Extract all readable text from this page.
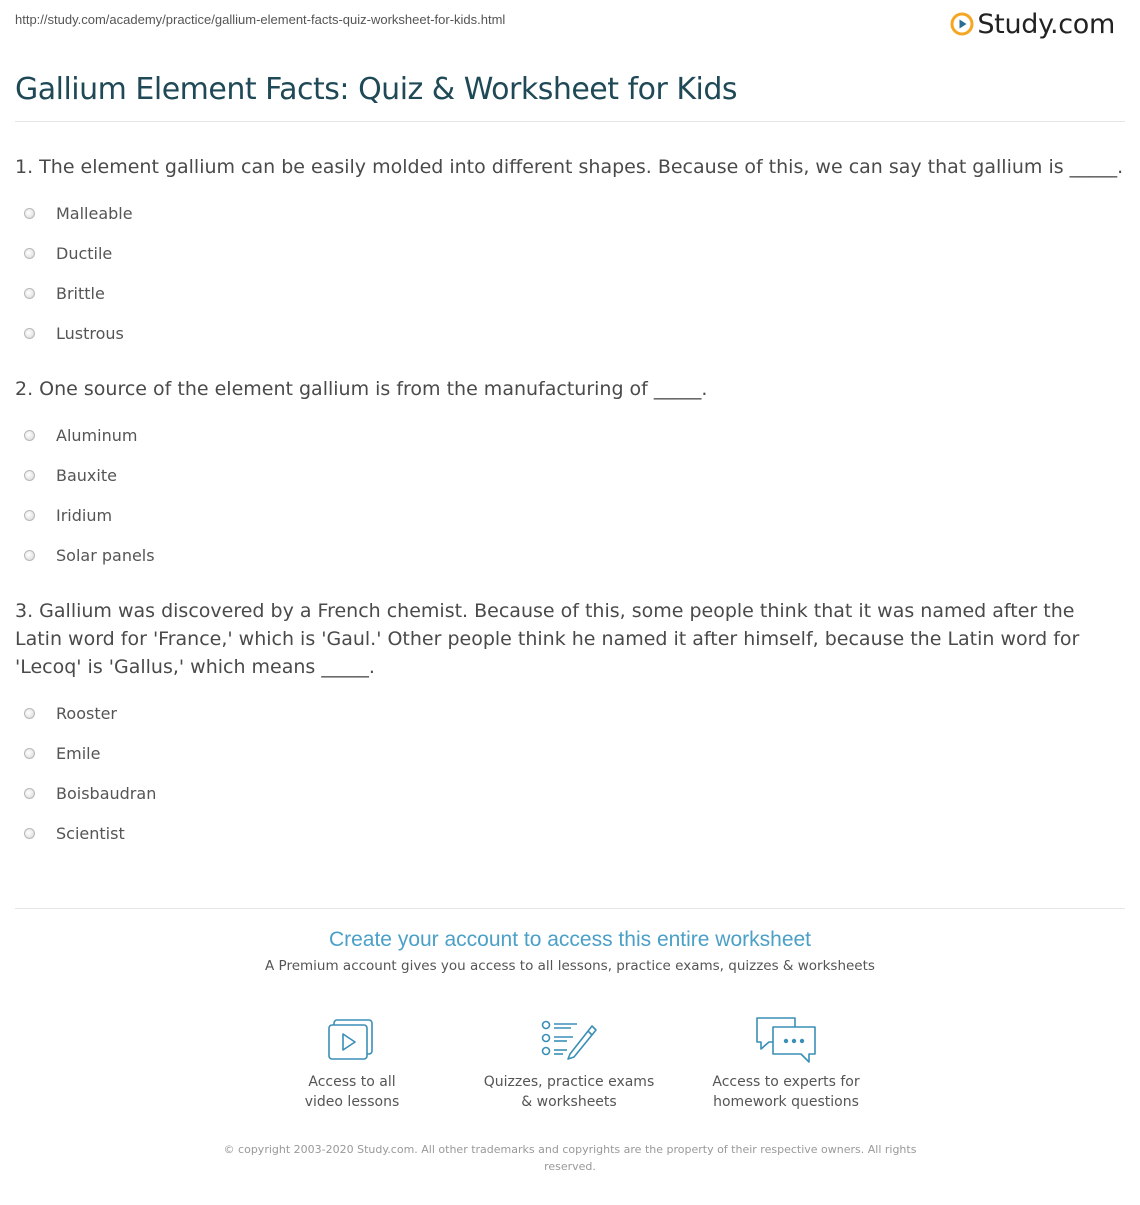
http://study.com/academy/practice/gallium-element-facts-quiz-worksheet-for-kids.html	Study.com
Gallium Element Facts: Quiz & Worksheet for Kids
1. The element gallium can be easily molded into different shapes. Because of this, we can say that gallium is _____.
Malleable
Ductile
Brittle
Lustrous
2. One source of the element gallium is from the manufacturing of _____.
Aluminum
Bauxite
Iridium
Solar panels
3. Gallium was discovered by a French chemist. Because of this, some people think that it was named after the Latin word for 'France,' which is 'Gaul.' Other people think he named it after himself, because the Latin word for 'Lecoq' is 'Gallus,' which means _____.
Rooster
Emile
Boisbaudran
Scientist
Create your account to access this entire worksheet
A Premium account gives you access to all lessons, practice exams, quizzes & worksheets
Access to all
video lessons
Quizzes, practice exams
& worksheets
Access to experts for
homework questions
© copyright 2003-2020 Study.com. All other trademarks and copyrights are the property of their respective owners. All rights reserved.
